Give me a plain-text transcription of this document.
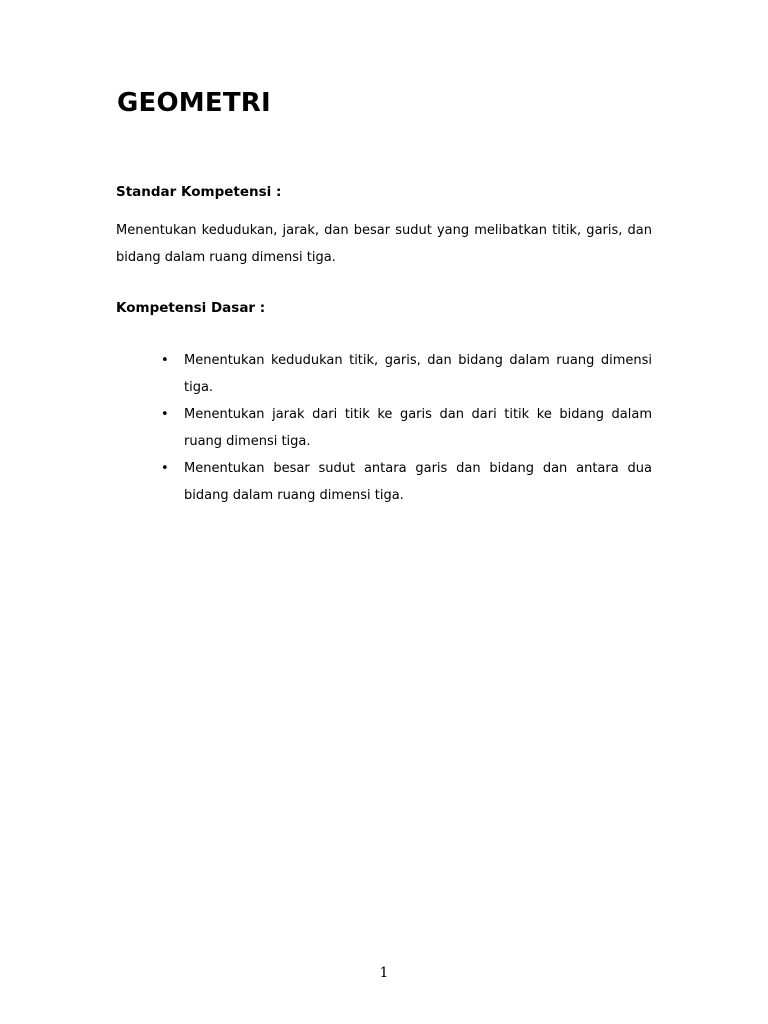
GEOMETRI
Standar Kompetensi :

Menentukan kedudukan, jarak, dan besar sudut yang melibatkan titik, garis, dan bidang dalam ruang dimensi tiga.

Kompetensi Dasar :
• Menentukan kedudukan titik, garis, dan bidang dalam ruang dimensi tiga.
• Menentukan jarak dari titik ke garis dan dari titik ke bidang dalam ruang dimensi tiga.
• Menentukan besar sudut antara garis dan bidang dan antara dua bidang dalam ruang dimensi tiga.

1
